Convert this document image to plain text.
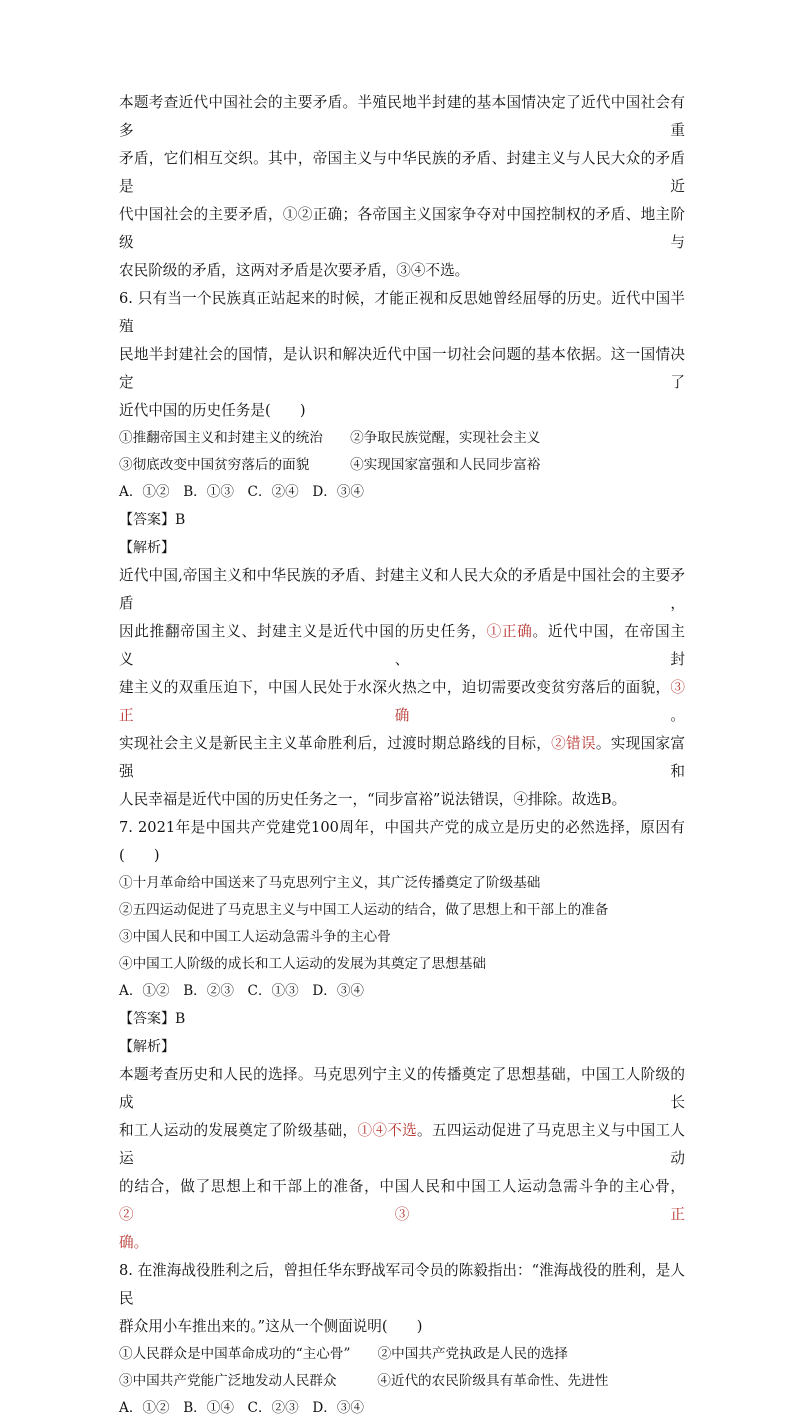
本题考查近代中国社会的主要矛盾。半殖民地半封建的基本国情决定了近代中国社会有多重

矛盾，它们相互交织。其中，帝国主义与中华民族的矛盾、封建主义与人民大众的矛盾是近

代中国社会的主要矛盾，①②正确；各帝国主义国家争夺对中国控制权的矛盾、地主阶级与

农民阶级的矛盾，这两对矛盾是次要矛盾，③④不选。

6. 只有当一个民族真正站起来的时候，才能正视和反思她曾经屈辱的历史。近代中国半殖

民地半封建社会的国情，是认识和解决近代中国一切社会问题的基本依据。这一国情决定了

近代中国的历史任务是(　　)

①推翻帝国主义和封建主义的统治　　②争取民族觉醒，实现社会主义

③彻底改变中国贫穷落后的面貌　　　④实现国家富强和人民同步富裕

A．①②　B．①③　C．②④　D．③④

【答案】B

【解析】

近代中国,帝国主义和中华民族的矛盾、封建主义和人民大众的矛盾是中国社会的主要矛盾，

因此推翻帝国主义、封建主义是近代中国的历史任务，①正确。近代中国，在帝国主义、封

建主义的双重压迫下，中国人民处于水深火热之中，迫切需要改变贫穷落后的面貌，③正确。

实现社会主义是新民主主义革命胜利后，过渡时期总路线的目标，②错误。实现国家富强和

人民幸福是近代中国的历史任务之一，“同步富裕”说法错误，④排除。故选B。

7. 2021年是中国共产党建党100周年，中国共产党的成立是历史的必然选择，原因有(　　)

①十月革命给中国送来了马克思列宁主义，其广泛传播奠定了阶级基础

②五四运动促进了马克思主义与中国工人运动的结合，做了思想上和干部上的准备

③中国人民和中国工人运动急需斗争的主心骨

④中国工人阶级的成长和工人运动的发展为其奠定了思想基础

A．①②　B．②③　C．①③　D．③④

【答案】B

【解析】

本题考查历史和人民的选择。马克思列宁主义的传播奠定了思想基础，中国工人阶级的成长

和工人运动的发展奠定了阶级基础，①④不选。五四运动促进了马克思主义与中国工人运动

的结合，做了思想上和干部上的准备，中国人民和中国工人运动急需斗争的主心骨，②③正

确。

8. 在淮海战役胜利之后，曾担任华东野战军司令员的陈毅指出：“淮海战役的胜利，是人民

群众用小车推出来的。”这从一个侧面说明(　　)

①人民群众是中国革命成功的“主心骨”　　②中国共产党执政是人民的选择

③中国共产党能广泛地发动人民群众　　　④近代的农民阶级具有革命性、先进性

A．①②　B．①④　C．②③　D．③④
